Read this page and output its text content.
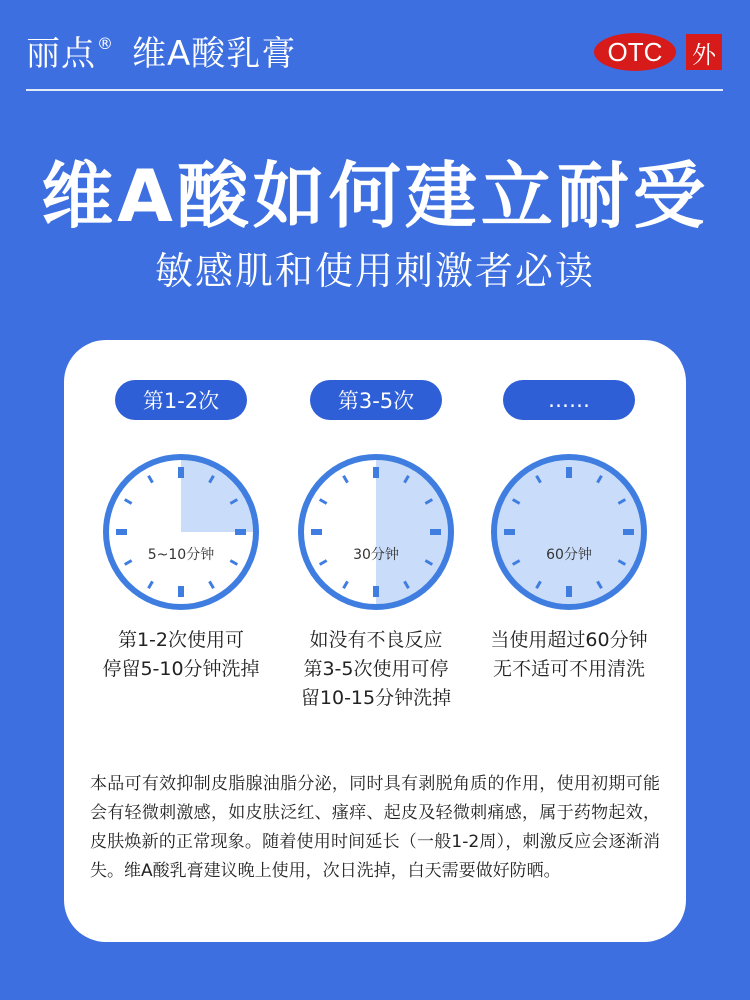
丽点® 维A酸乳膏	OTC	外
维A酸如何建立耐受
敏感肌和使用刺激者必读
第1-2次
5~10分钟
第1-2次使用可
停留5-10分钟洗掉
第3-5次
30分钟
如没有不良反应
第3-5次使用可停
留10-15分钟洗掉
……
60分钟
当使用超过60分钟
无不适可不用清洗
本品可有效抑制皮脂腺油脂分泌，同时具有剥脱角质的作用，使用初期可能会有轻微刺激感，如皮肤泛红、瘙痒、起皮及轻微刺痛感，属于药物起效，皮肤焕新的正常现象。随着使用时间延长（一般1-2周），刺激反应会逐渐消失。维A酸乳膏建议晚上使用，次日洗掉，白天需要做好防晒。
